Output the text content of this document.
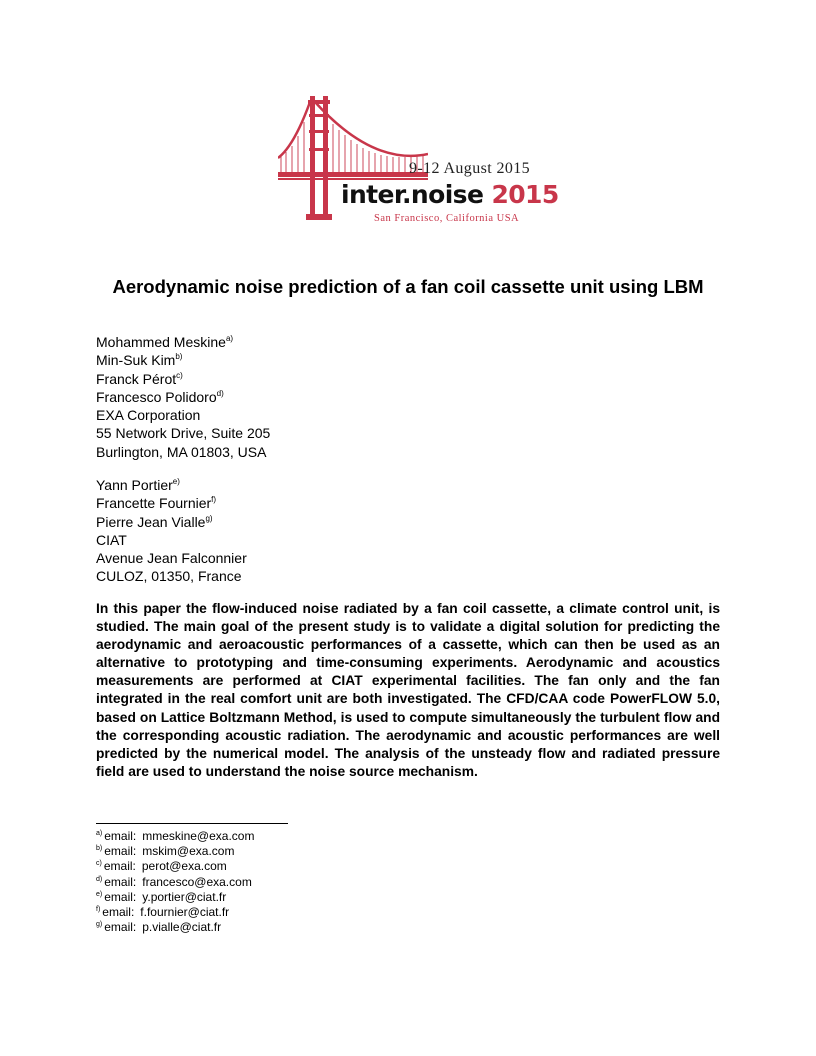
9-12 August 2015
inter.noise 2015
San Francisco, California USA
Aerodynamic noise prediction of a fan coil cassette unit using LBM
Mohammed Meskine$^{a)}$
Min-Suk Kim$^{b)}$
Franck Pérot$^{c)}$
Francesco Polidoro$^{d)}$
EXA Corporation
55 Network Drive, Suite 205
Burlington, MA 01803, USA
Yann Portier$^{e)}$
Francette Fournier$^{f)}$
Pierre Jean Vialle$^{g)}$
CIAT
Avenue Jean Falconnier
CULOZ, 01350, France

In this paper the flow-induced noise radiated by a fan coil cassette, a climate control unit, is studied. The main goal of the present study is to validate a digital solution for predicting the aerodynamic and aeroacoustic performances of a cassette, which can then be used as an alternative to prototyping and time-consuming experiments. Aerodynamic and acoustics measurements are performed at CIAT experimental facilities. The fan only and the fan integrated in the real comfort unit are both investigated. The CFD/CAA code PowerFLOW 5.0, based on Lattice Boltzmann Method, is used to compute simultaneously the turbulent flow and the corresponding acoustic radiation. The aerodynamic and acoustic performances are well predicted by the numerical model. The analysis of the unsteady flow and radiated pressure field are used to understand the noise source mechanism.

$^{a)}$ email: mmeskine@exa.com
$^{b)}$ email: mskim@exa.com
$^{c)}$ email: perot@exa.com
$^{d)}$ email: francesco@exa.com
$^{e)}$ email: y.portier@ciat.fr
$^{f)}$ email: f.fournier@ciat.fr
$^{g)}$ email: p.vialle@ciat.fr
